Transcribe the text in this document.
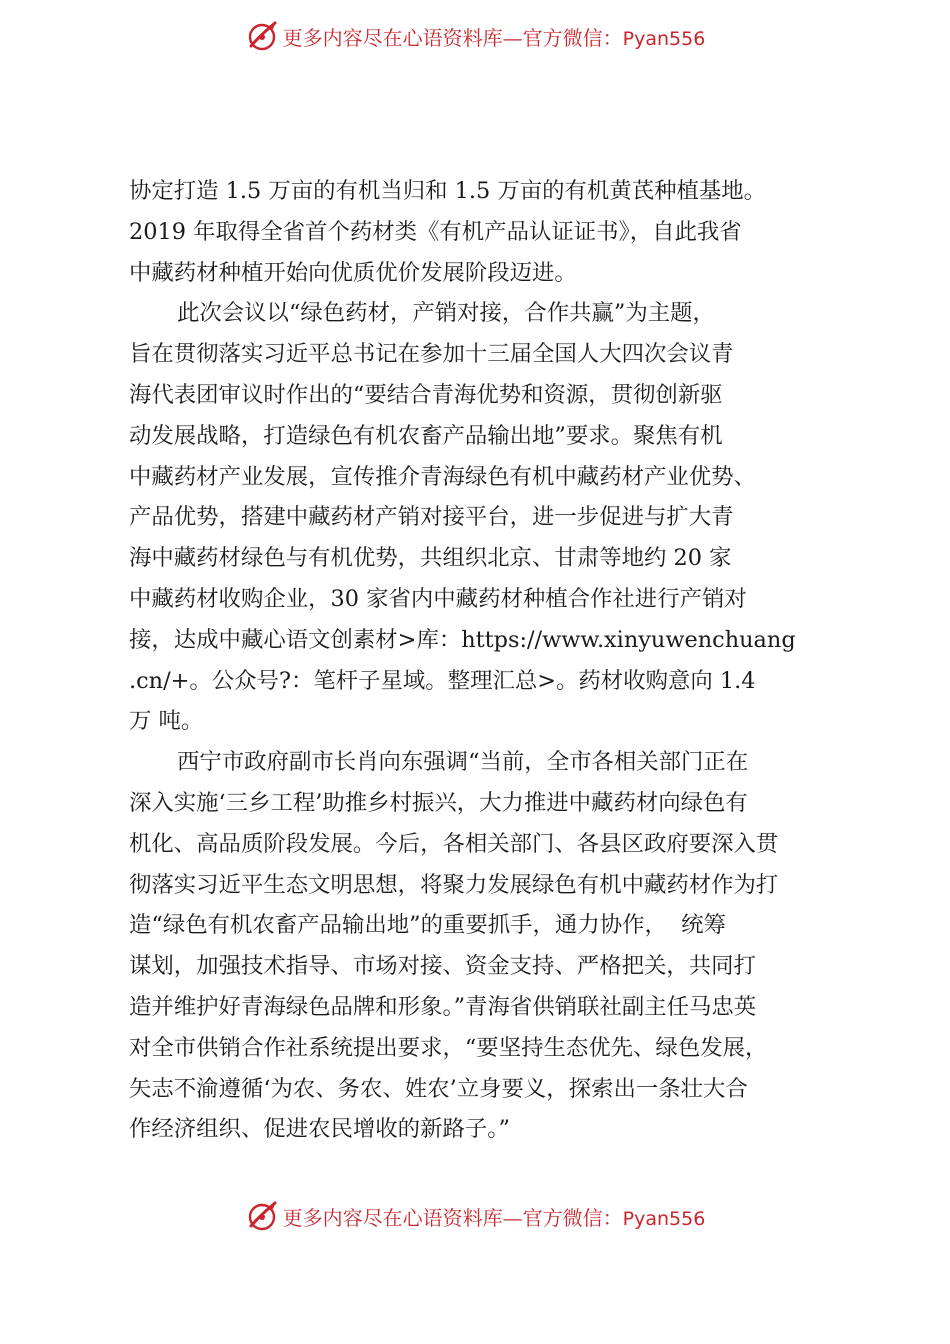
更多内容尽在心语资料库—官方微信：Pyan556
协定打造 1.5 万亩的有机当归和 1.5 万亩的有机黄芪种植基地。
2019 年取得全省首个药材类《有机产品认证证书》，自此我省
中藏药材种植开始向优质优价发展阶段迈进。
此次会议以“绿色药材，产销对接，合作共赢”为主题，
旨在贯彻落实习近平总书记在参加十三届全国人大四次会议青
海代表团审议时作出的“要结合青海优势和资源，贯彻创新驱
动发展战略，打造绿色有机农畜产品输出地”要求。聚焦有机
中藏药材产业发展，宣传推介青海绿色有机中藏药材产业优势、
产品优势，搭建中藏药材产销对接平台，进一步促进与扩大青
海中藏药材绿色与有机优势，共组织北京、甘肃等地约 20 家
中藏药材收购企业，30 家省内中藏药材种植合作社进行产销对
接，达成中藏心语文创素材>库：https://www.xinyuwenchuang
.cn/+。公众号?：笔杆子星域。整理汇总>。药材收购意向 1.4
万 吨。
西宁市政府副市长肖向东强调“当前，全市各相关部门正在
深入实施‘三乡工程’助推乡村振兴，大力推进中藏药材向绿色有
机化、高品质阶段发展。今后，各相关部门、各县区政府要深入贯
彻落实习近平生态文明思想，将聚力发展绿色有机中藏药材作为打
造“绿色有机农畜产品输出地”的重要抓手，通力协作，  统筹
谋划，加强技术指导、市场对接、资金支持、严格把关，共同打
造并维护好青海绿色品牌和形象。”青海省供销联社副主任马忠英
对全市供销合作社系统提出要求，“要坚持生态优先、绿色发展，
矢志不渝遵循‘为农、务农、姓农’立身要义，探索出一条壮大合
作经济组织、促进农民增收的新路子。”
更多内容尽在心语资料库—官方微信：Pyan556
